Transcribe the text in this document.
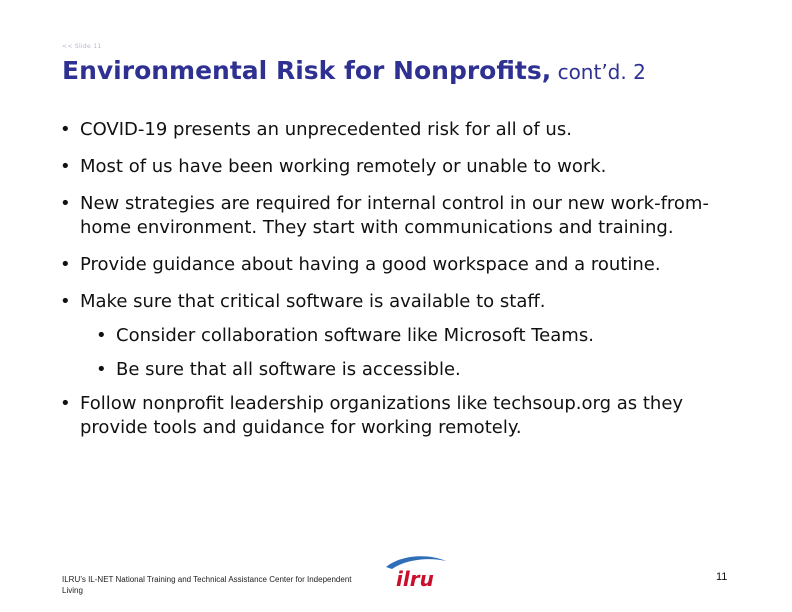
<< Slide 11
Environmental Risk for Nonprofits, cont’d. 2
• COVID-19 presents an unprecedented risk for all of us.
• Most of us have been working remotely or unable to work.
• New strategies are required for internal control in our new work-from-home environment. They start with communications and training.
• Provide guidance about having a good workspace and a routine.
• Make sure that critical software is available to staff.
• Consider collaboration software like Microsoft Teams.
• Be sure that all software is accessible.
• Follow nonprofit leadership organizations like techsoup.org as they provide tools and guidance for working remotely.
ILRU’s IL-NET National Training and Technical Assistance Center for Independent Living	ilru	11
